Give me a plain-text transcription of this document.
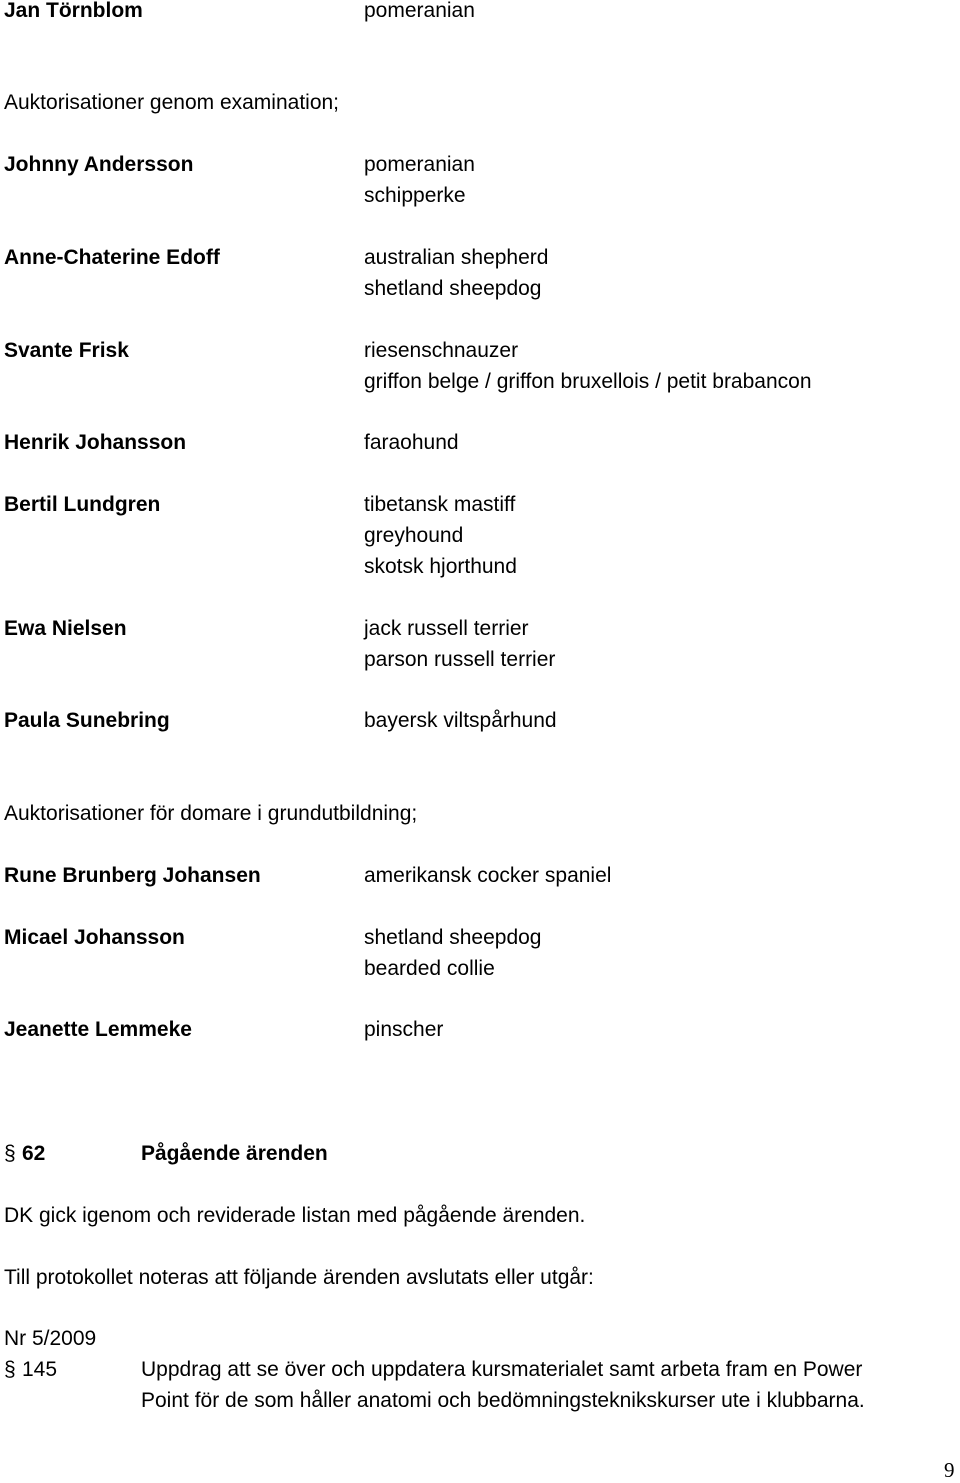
Jan Törnblom	pomeranian
Auktorisationer genom examination;
Johnny Andersson	pomeranian
schipperke
Anne-Chaterine Edoff	australian shepherd
shetland sheepdog
Svante Frisk	riesenschnauzer
griffon belge / griffon bruxellois / petit brabancon
Henrik Johansson	faraohund
Bertil Lundgren	tibetansk mastiff
greyhound
skotsk hjorthund
Ewa Nielsen	jack russell terrier
parson russell terrier
Paula Sunebring	bayersk viltspårhund
Auktorisationer för domare i grundutbildning;
Rune Brunberg Johansen	amerikansk cocker spaniel
Micael Johansson	shetland sheepdog
bearded collie
Jeanette Lemmeke	pinscher
§ 62	Pågående ärenden
DK gick igenom och reviderade listan med pågående ärenden.
Till protokollet noteras att följande ärenden avslutats eller utgår:
Nr 5/2009
§ 145	Uppdrag att se över och uppdatera kursmaterialet samt arbeta fram en Power
Point för de som håller anatomi och bedömningsteknikskurser ute i klubbarna.
9
